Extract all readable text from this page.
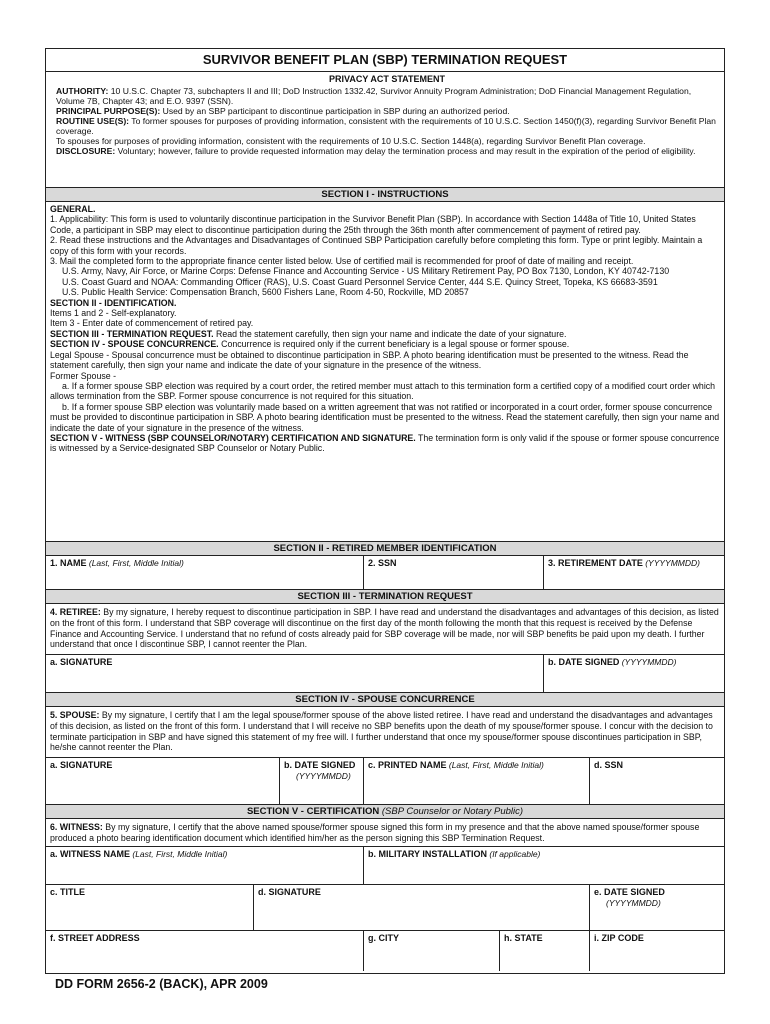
SURVIVOR BENEFIT PLAN (SBP) TERMINATION REQUEST
PRIVACY ACT STATEMENT

AUTHORITY: 10 U.S.C. Chapter 73, subchapters II and III; DoD Instruction 1332.42, Survivor Annuity Program Administration; DoD Financial Management Regulation, Volume 7B, Chapter 43; and E.O. 9397 (SSN).

PRINCIPAL PURPOSE(S): Used by an SBP participant to discontinue participation in SBP during an authorized period.

ROUTINE USE(S): To former spouses for purposes of providing information, consistent with the requirements of 10 U.S.C. Section 1450(f)(3), regarding Survivor Benefit Plan coverage.

To spouses for purposes of providing information, consistent with the requirements of 10 U.S.C. Section 1448(a), regarding Survivor Benefit Plan coverage.

DISCLOSURE: Voluntary; however, failure to provide requested information may delay the termination process and may result in the expiration of the period of eligibility.

SECTION I - INSTRUCTIONS

GENERAL.

1. Applicability: This form is used to voluntarily discontinue participation in the Survivor Benefit Plan (SBP). In accordance with Section 1448a of Title 10, United States Code, a participant in SBP may elect to discontinue participation during the 25th through the 36th month after commencement of payment of retired pay.

2. Read these instructions and the Advantages and Disadvantages of Continued SBP Participation carefully before completing this form. Type or print legibly. Maintain a copy of this form with your records.

3. Mail the completed form to the appropriate finance center listed below. Use of certified mail is recommended for proof of date of mailing and receipt.

U.S. Army, Navy, Air Force, or Marine Corps: Defense Finance and Accounting Service - US Military Retirement Pay, PO Box 7130, London, KY 40742-7130

U.S. Coast Guard and NOAA: Commanding Officer (RAS), U.S. Coast Guard Personnel Service Center, 444 S.E. Quincy Street, Topeka, KS 66683-3591

U.S. Public Health Service: Compensation Branch, 5600 Fishers Lane, Room 4-50, Rockville, MD 20857

SECTION II - IDENTIFICATION.

Items 1 and 2 - Self-explanatory.

Item 3 - Enter date of commencement of retired pay.

SECTION III - TERMINATION REQUEST. Read the statement carefully, then sign your name and indicate the date of your signature.

SECTION IV - SPOUSE CONCURRENCE. Concurrence is required only if the current beneficiary is a legal spouse or former spouse.

Legal Spouse - Spousal concurrence must be obtained to discontinue participation in SBP. A photo bearing identification must be presented to the witness. Read the statement carefully, then sign your name and indicate the date of your signature in the presence of the witness.

Former Spouse -

a. If a former spouse SBP election was required by a court order, the retired member must attach to this termination form a certified copy of a modified court order which allows termination from the SBP. Former spouse concurrence is not required for this situation.

b. If a former spouse SBP election was voluntarily made based on a written agreement that was not ratified or incorporated in a court order, former spouse concurrence must be provided to discontinue participation in SBP. A photo bearing identification must be presented to the witness. Read the statement carefully, then sign your name and indicate the date of your signature in the presence of the witness.

SECTION V - WITNESS (SBP COUNSELOR/NOTARY) CERTIFICATION AND SIGNATURE. The termination form is only valid if the spouse or former spouse concurrence is witnessed by a Service-designated SBP Counselor or Notary Public.

SECTION II - RETIRED MEMBER IDENTIFICATION
1. NAME (Last, First, Middle Initial)	2. SSN	3. RETIREMENT DATE (YYYYMMDD)
SECTION III - TERMINATION REQUEST
4. RETIREE: By my signature, I hereby request to discontinue participation in SBP. I have read and understand the disadvantages and advantages of this decision, as listed on the front of this form. I understand that SBP coverage will discontinue on the first day of the month following the month that this request is received by the Defense Finance and Accounting Service. I understand that no refund of costs already paid for SBP coverage will be made, nor will SBP benefits be paid upon my death. I further understand that once I discontinue SBP, I cannot reenter the Plan.
a. SIGNATURE	b. DATE SIGNED (YYYYMMDD)
SECTION IV - SPOUSE CONCURRENCE
5. SPOUSE: By my signature, I certify that I am the legal spouse/former spouse of the above listed retiree. I have read and understand the disadvantages and advantages of this decision, as listed on the front of this form. I understand that I will receive no SBP benefits upon the death of my spouse/former spouse. I concur with the decision to terminate participation in SBP and have signed this statement of my free will. I further understand that once my spouse/former spouse discontinues participation in SBP, he/she cannot reenter the Plan.
a. SIGNATURE	b. DATE SIGNED
(YYYYMMDD)
c. PRINTED NAME (Last, First, Middle Initial)	d. SSN
SECTION V - CERTIFICATION (SBP Counselor or Notary Public)
6. WITNESS: By my signature, I certify that the above named spouse/former spouse signed this form in my presence and that the above named spouse/former spouse produced a photo bearing identification document which identified him/her as the person signing this SBP Termination Request.
a. WITNESS NAME (Last, First, Middle Initial)	b. MILITARY INSTALLATION (If applicable)
c. TITLE	d. SIGNATURE	e. DATE SIGNED
(YYYYMMDD)
f. STREET ADDRESS	g. CITY	h. STATE	i. ZIP CODE
DD FORM 2656-2 (BACK), APR 2009
